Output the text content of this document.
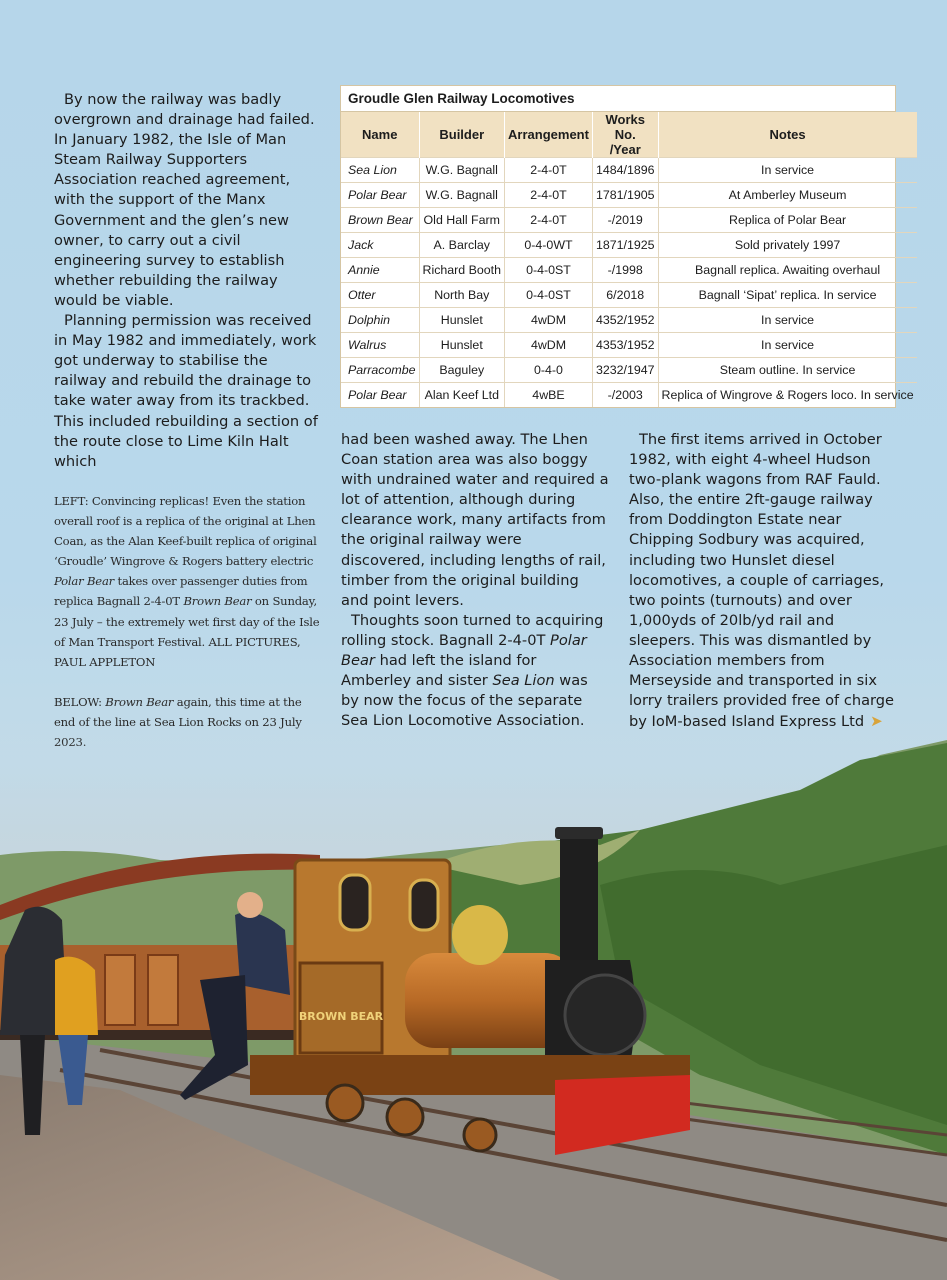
By now the railway was badly overgrown and drainage had failed. In January 1982, the Isle of Man Steam Railway Supporters Association reached agreement, with the support of the Manx Government and the glen’s new owner, to carry out a civil engineering survey to establish whether rebuilding the railway would be viable.

Planning permission was received in May 1982 and immediately, work got underway to stabilise the railway and rebuild the drainage to take water away from its trackbed. This included rebuilding a section of the route close to Lime Kiln Halt which

LEFT: Convincing replicas! Even the station overall roof is a replica of the original at Lhen Coan, as the Alan Keef-built replica of original ‘Groudle’ Wingrove & Rogers battery electric Polar Bear takes over passenger duties from replica Bagnall 2-4-0T Brown Bear on Sunday, 23 July – the extremely wet first day of the Isle of Man Transport Festival. ALL PICTURES, PAUL APPLETON
BELOW: Brown Bear again, this time at the end of the line at Sea Lion Rocks on 23 July

had been washed away. The Lhen Coan station area was also boggy with undrained water and required a lot of attention, although during clearance work, many artifacts from the original railway were discovered, including lengths of rail, timber from the original building and point levers.

Thoughts soon turned to acquiring rolling stock. Bagnall 2-4-0T Polar Bear had left the island for Amberley and sister Sea Lion was by now the focus of the separate Sea Lion Locomotive Association.

The first items arrived in October 1982, with eight 4-wheel Hudson two-plank wagons from RAF Fauld. Also, the entire 2ft-gauge railway from Doddington Estate near Chipping Sodbury was acquired, including two Hunslet diesel locomotives, a couple of carriages, two points (turnouts) and over 1,000yds of 20lb/yd rail and sleepers. This was dismantled by Association members from Merseyside and transported in six lorry trailers provided free of charge by IoM-based Island Express Ltd ➤

Groudle Glen Railway Locomotives
Name	Builder	Arrangement	Works No.
/Year	Notes
Sea Lion	W.G. Bagnall	2-4-0T	1484/1896	In service
Polar Bear	W.G. Bagnall	2-4-0T	1781/1905	At Amberley Museum
Brown Bear	Old Hall Farm	2-4-0T	-/2019	Replica of Polar Bear
Jack	A. Barclay	0-4-0WT	1871/1925	Sold privately 1997
Annie	Richard Booth	0-4-0ST	-/1998	Bagnall replica. Awaiting overhaul
Otter	North Bay	0-4-0ST	6/2018	Bagnall ‘Sipat’ replica. In service
Dolphin	Hunslet	4wDM	4352/1952	In service
Walrus	Hunslet	4wDM	4353/1952	In service
Parracombe	Baguley	0-4-0	3232/1947	Steam outline. In service
Polar Bear	Alan Keef Ltd	4wBE	-/2003	Replica of Wingrove & Rogers loco. In service
BROWN BEAR
